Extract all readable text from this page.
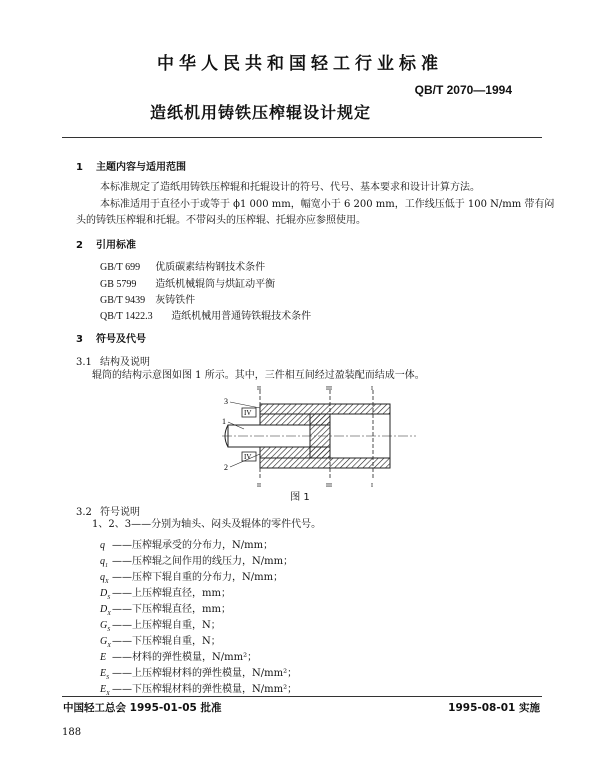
中华人民共和国轻工行业标准
QB/T 2070—1994
造纸机用铸铁压榨辊设计规定
1 主题内容与适用范围
本标准规定了造纸用铸铁压榨辊和托辊设计的符号、代号、基本要求和设计计算方法。
本标准适用于直径小于或等于 ϕ1 000 mm，幅宽小于 6 200 mm，工作线压低于 100 N/mm 带有闷
头的铸铁压榨辊和托辊。不带闷头的压榨辊、托辊亦应参照使用。
2 引用标准
GB/T 699 优质碳素结构钢技术条件
GB 5799 造纸机械辊筒与烘缸动平衡
GB/T 9439 灰铸铁件
QB/T 1422.3 造纸机械用普通铸铁辊技术条件
3 符号及代号
3.1 结构及说明
辊筒的结构示意图如图 1 所示。其中，三件相互间经过盈装配而结成一体。
IV
IV
3
1
2
II	III	I
II	III	I
图 1
3.2 符号说明
1、2、3——分别为轴头、闷头及辊体的零件代号。
q ——压榨辊承受的分布力，N/mm；
$q_1$ ——压榨辊之间作用的线压力，N/mm；
$q_X$ ——压榨下辊自重的分布力，N/mm；
$D_S$ ——上压榨辊直径，mm；
$D_X——$下压榨辊直径，mm；
$G_S$ ——上压榨辊自重，N；
$G_X——$下压榨辊自重，N；
E ——材料的弹性模量，N/mm²；
$E_S$ ——上压榨辊材料的弹性模量，N/mm²；
$E_X$ ——下压榨辊材料的弹性模量，N/mm²；
中国轻工总会 1995-01-05 批准	1995-08-01 实施
188
